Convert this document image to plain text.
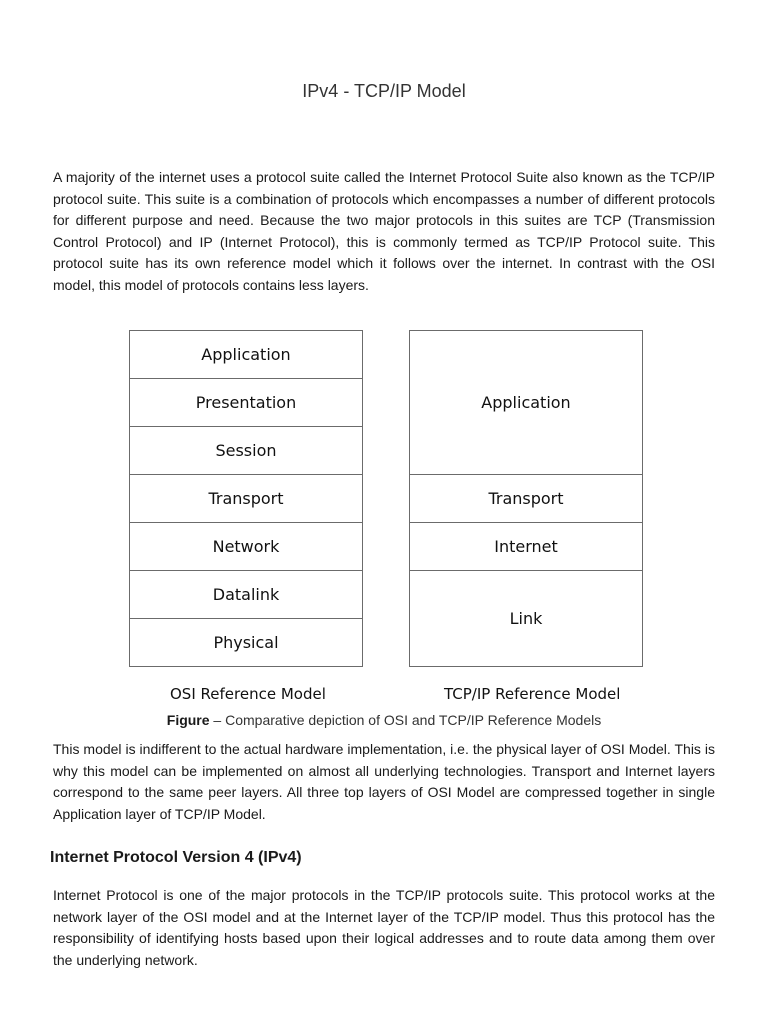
IPv4 - TCP/IP Model

A majority of the internet uses a protocol suite called the Internet Protocol Suite also known as the TCP/IP protocol suite. This suite is a combination of protocols which encompasses a number of different protocols for different purpose and need. Because the two major protocols in this suites are TCP (Transmission Control Protocol) and IP (Internet Protocol), this is commonly termed as TCP/IP Protocol suite. This protocol suite has its own reference model which it follows over the internet. In contrast with the OSI model, this model of protocols contains less layers.

Application
Presentation
Session
Transport
Network
Datalink
Physical
Application
Transport
Internet
Link

OSI Reference Model	TCP/IP Reference Model

Figure – Comparative depiction of OSI and TCP/IP Reference Models

This model is indifferent to the actual hardware implementation, i.e. the physical layer of OSI Model. This is why this model can be implemented on almost all underlying technologies. Transport and Internet layers correspond to the same peer layers. All three top layers of OSI Model are compressed together in single Application layer of TCP/IP Model.

Internet Protocol Version 4 (IPv4)

Internet Protocol is one of the major protocols in the TCP/IP protocols suite. This protocol works at the network layer of the OSI model and at the Internet layer of the TCP/IP model. Thus this protocol has the responsibility of identifying hosts based upon their logical addresses and to route data among them over the underlying network.
